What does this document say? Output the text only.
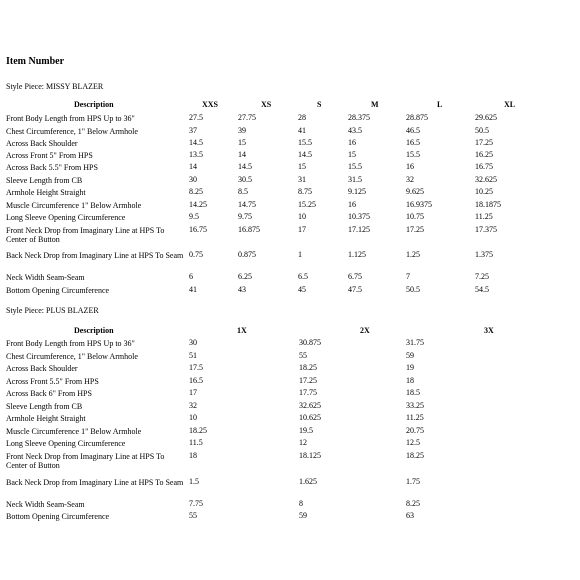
Item Number
Style Piece: MISSY BLAZER
Description	XXS	XS	S	M	L	XL
Front Body Length from HPS Up to 36"	27.5	27.75	28	28.375	28.875	29.625
Chest Circumference, 1" Below Armhole	37	39	41	43.5	46.5	50.5
Across Back Shoulder	14.5	15	15.5	16	16.5	17.25
Across Front 5" From HPS	13.5	14	14.5	15	15.5	16.25
Across Back 5.5" From HPS	14	14.5	15	15.5	16	16.75
Sleeve Length from CB	30	30.5	31	31.5	32	32.625
Armhole Height Straight	8.25	8.5	8.75	9.125	9.625	10.25
Muscle Circumference 1" Below Armhole	14.25	14.75	15.25	16	16.9375	18.1875
Long Sleeve Opening Circumference	9.5	9.75	10	10.375	10.75	11.25
Front Neck Drop from Imaginary Line at HPS To Center of Button
16.75	16.875	17	17.125	17.25	17.375
Back Neck Drop from Imaginary Line at HPS To Seam 0.75	0.875	1	1.125	1.25	1.375
Neck Width Seam-Seam	6	6.25	6.5	6.75	7	7.25
Bottom Opening Circumference	41	43	45	47.5	50.5	54.5
Style Piece: PLUS BLAZER
Description	1X	2X	3X
Front Body Length from HPS Up to 36"	30	30.875	31.75
Chest Circumference, 1" Below Armhole	51	55	59
Across Back Shoulder	17.5	18.25	19
Across Front 5.5" From HPS	16.5	17.25	18
Across Back 6" From HPS	17	17.75	18.5
Sleeve Length from CB	32	32.625	33.25
Armhole Height Straight	10	10.625	11.25
Muscle Circumference 1" Below Armhole	18.25	19.5	20.75
Long Sleeve Opening Circumference	11.5	12	12.5
Front Neck Drop from Imaginary Line at HPS To Center of Button
18	18.125	18.25
Back Neck Drop from Imaginary Line at HPS To Seam 1.5	1.625	1.75
Neck Width Seam-Seam	7.75	8	8.25
Bottom Opening Circumference	55	59	63
